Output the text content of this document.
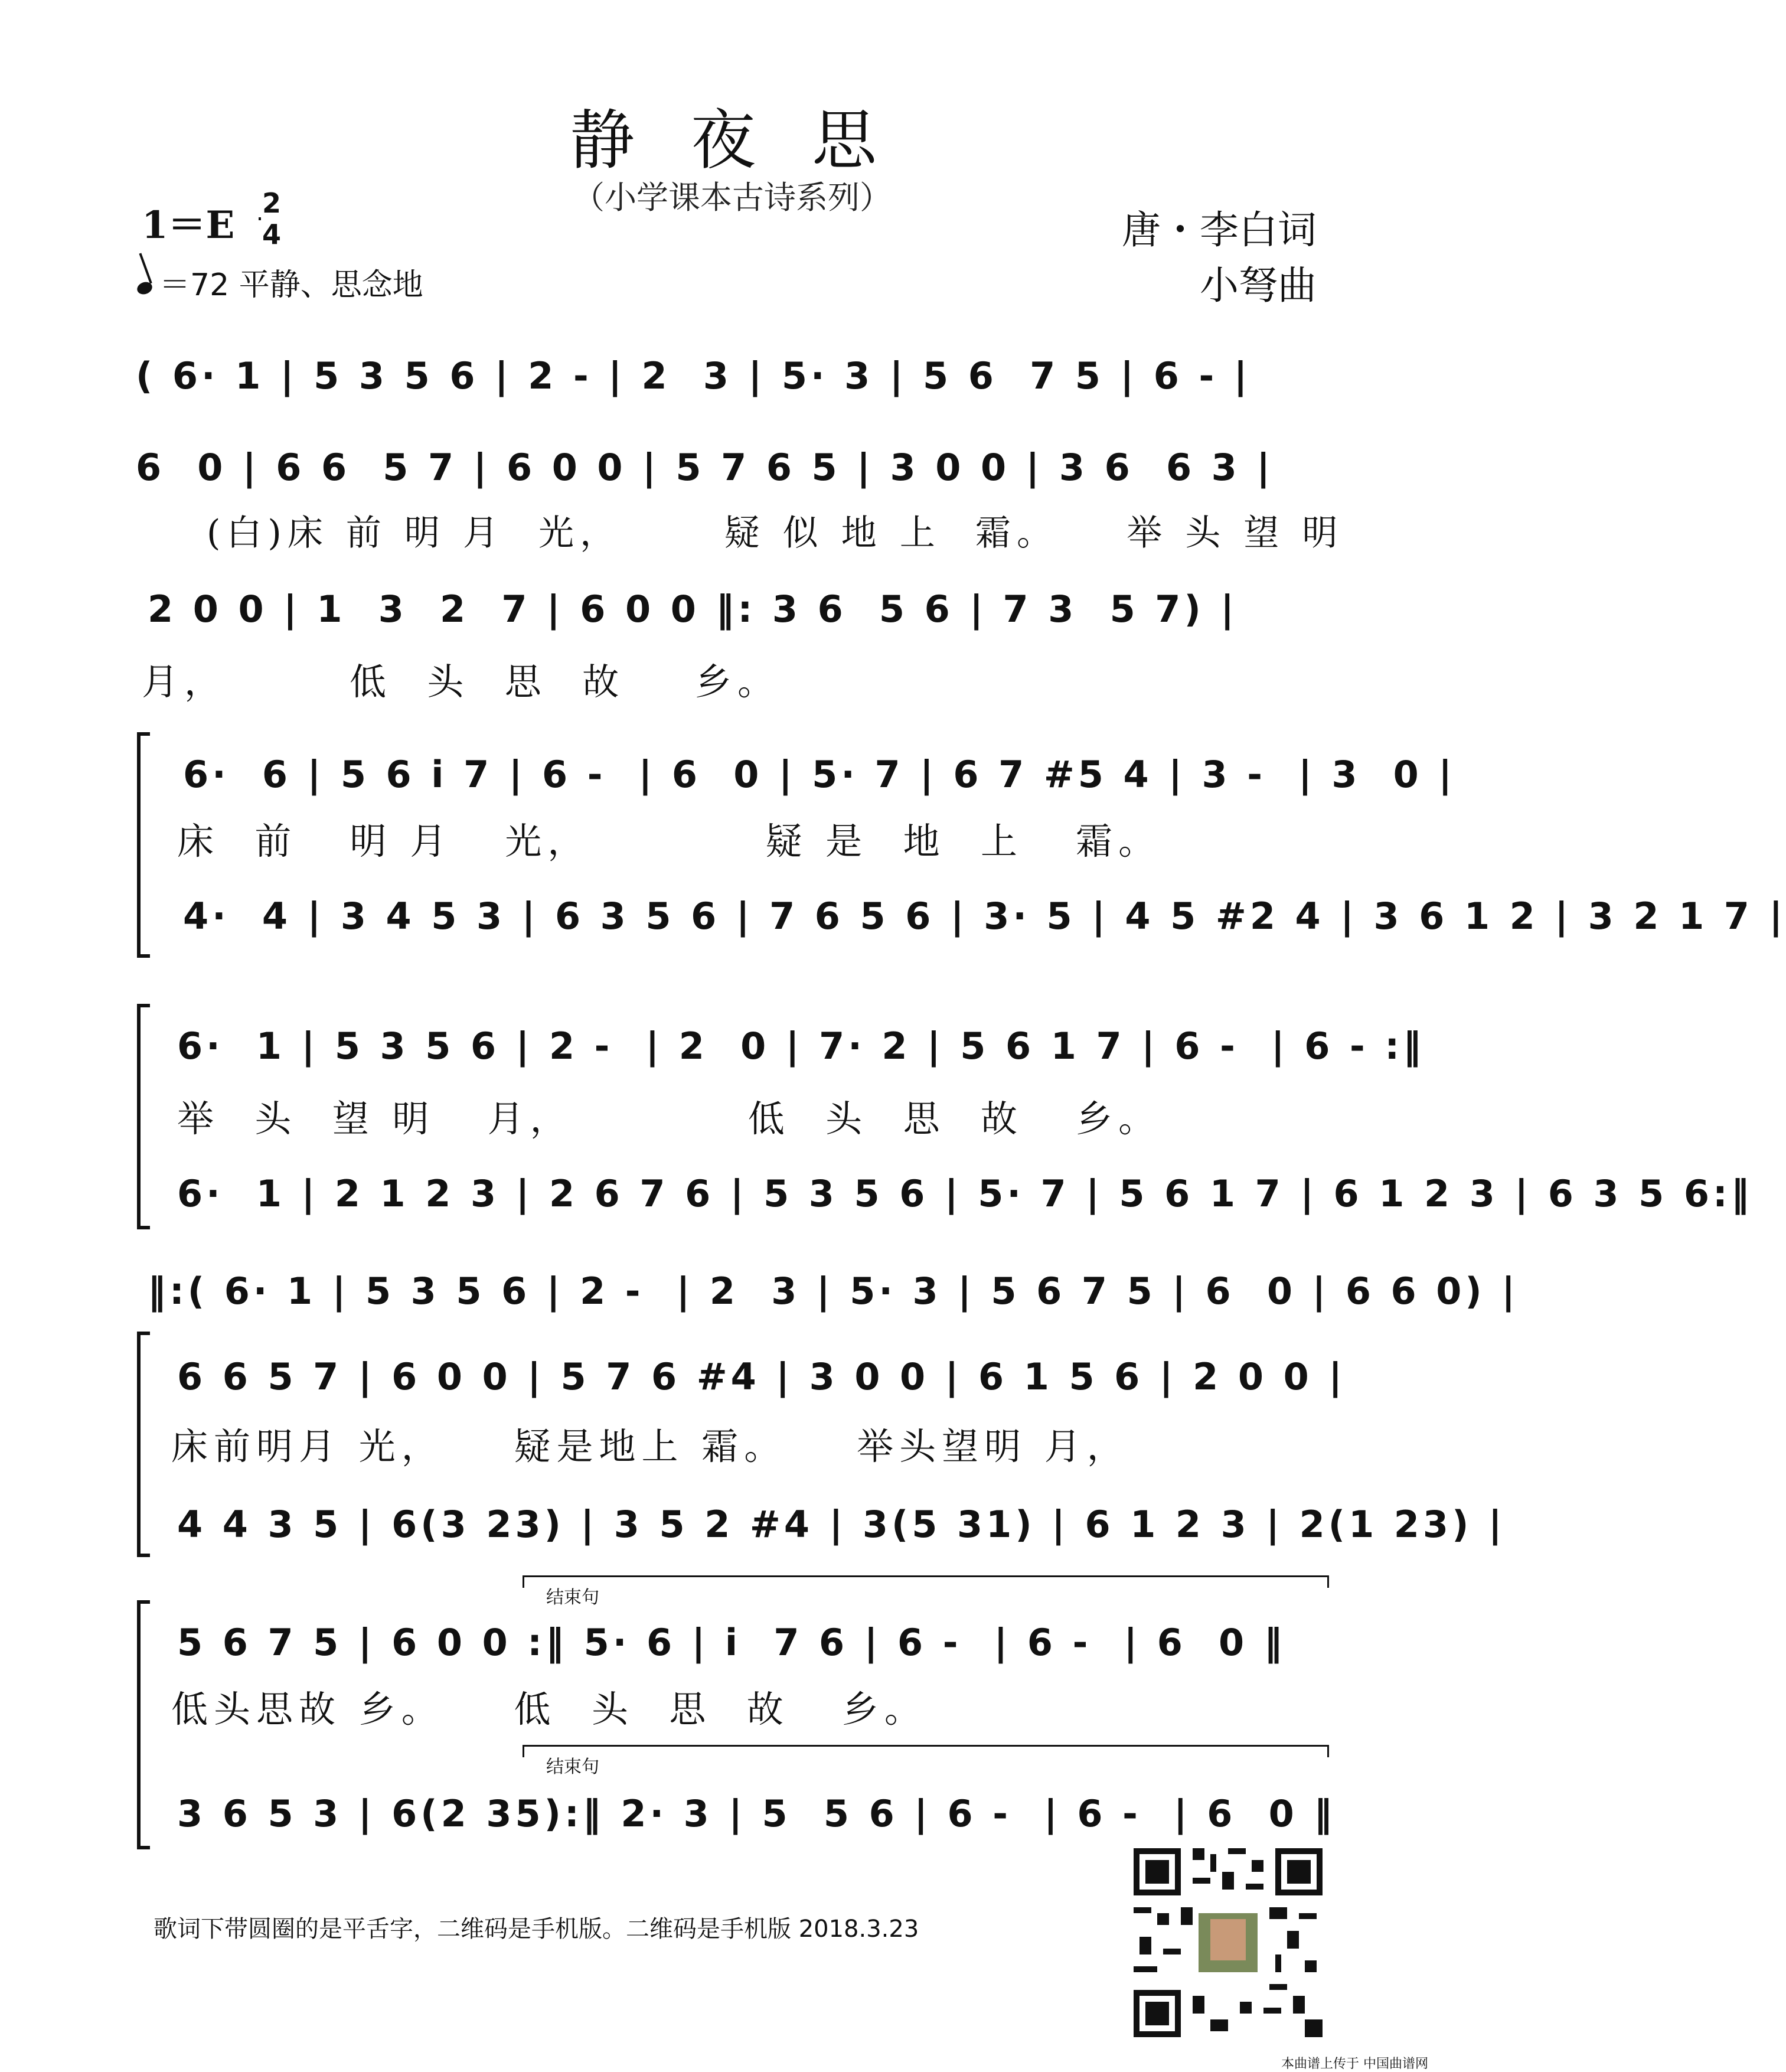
静 夜 思
（小学课本古诗系列）
1＝E 2
4
＝72 平静、思念地
唐・李白词
小弩曲
( 6· 1 | 5 3 5 6 | 2 - | 2  3 | 5· 3 | 5 6  7 5 | 6 - |
6  0 | 6 6  5 7 | 6 0 0 | 5 7 6 5 | 3 0 0 | 3 6  6 3 |
(白)床 前 明 月  光，      疑 似 地 上  霜。    举 头 望 明
2 0 0 | 1  3  2  7 | 6 0 0 ‖: 3 6  5 6 | 7 3  5 7) |
月，       低  头  思  故    乡。
6·  6 | 5 6 i 7 | 6 -  | 6  0 | 5· 7 | 6 7 #5 4 | 3 -  | 3  0 |
床  前   明 月   光，          疑 是  地  上   霜。
4·  4 | 3 4 5 3 | 6 3 5 6 | 7 6 5 6 | 3· 5 | 4 5 #2 4 | 3 6 1 2 | 3 2 1 7 |
6·  1 | 5 3 5 6 | 2 -  | 2  0 | 7· 2 | 5 6 1 7 | 6 -  | 6 - :‖
举  头  望 明   月，          低  头  思  故   乡。
6·  1 | 2 1 2 3 | 2 6 7 6 | 5 3 5 6 | 5· 7 | 5 6 1 7 | 6 1 2 3 | 6 3 5 6:‖
‖:( 6· 1 | 5 3 5 6 | 2 -  | 2  3 | 5· 3 | 5 6 7 5 | 6  0 | 6 6 0) |
6 6 5 7 | 6 0 0 | 5 7 6 #4 | 3 0 0 | 6 1 5 6 | 2 0 0 |
床前明月 光，    疑是地上 霜。    举头望明 月，
4 4 3 5 | 6(3 23) | 3 5 2 #4 | 3(5 31) | 6 1 2 3 | 2(1 23) |
结束句
5 6 7 5 | 6 0 0 :‖ 5· 6 | i  7 6 | 6 -  | 6 -  | 6  0 ‖
低头思故 乡。    低  头  思  故   乡。
结束句
3 6 5 3 | 6(2 35):‖ 2· 3 | 5  5 6 | 6 -  | 6 -  | 6  0 ‖
歌词下带圆圈的是平舌字，二维码是手机版。二维码是手机版 2018.3.23
本曲谱上传于 中国曲谱网
